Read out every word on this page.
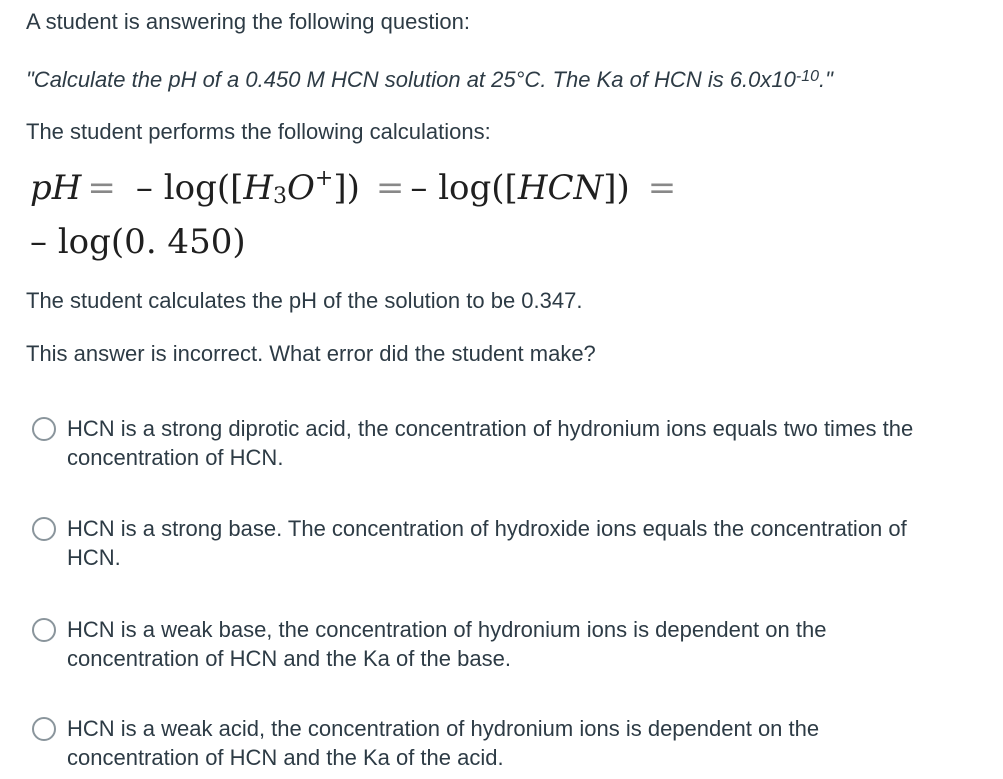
A student is answering the following question:
"Calculate the pH of a 0.450 M HCN solution at 25°C. The Ka of HCN is $6.0x10^{-10}$."
The student performs the following calculations:
pH = – $\log([H_3O^+])$ = – log([HCN]) =
– log(0. 450)
The student calculates the pH of the solution to be 0.347.
This answer is incorrect. What error did the student make?
HCN is a strong diprotic acid, the concentration of hydronium ions equals two times the concentration of HCN.
HCN is a strong base. The concentration of hydroxide ions equals the concentration of HCN.
HCN is a weak base, the concentration of hydronium ions is dependent on the concentration of HCN and the Ka of the base.
HCN is a weak acid, the concentration of hydronium ions is dependent on the concentration of HCN and the Ka of the acid.
